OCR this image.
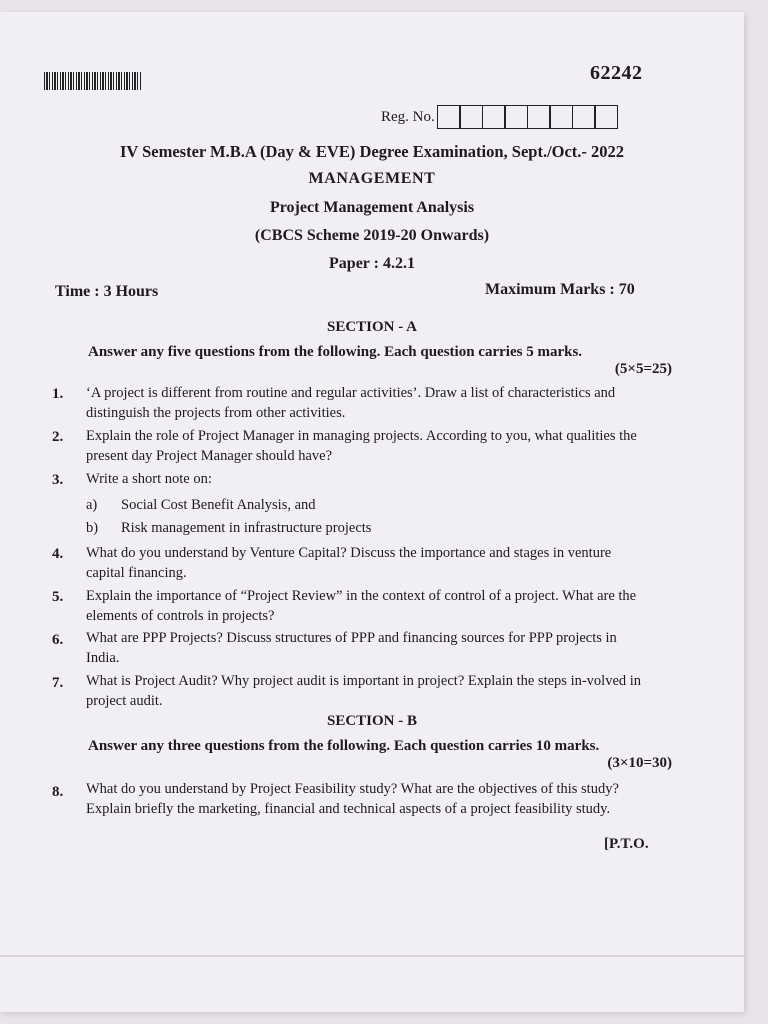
62242
Reg. No.
IV Semester M.B.A (Day & EVE) Degree Examination, Sept./Oct.- 2022
MANAGEMENT
Project Management Analysis
(CBCS Scheme 2019-20 Onwards)
Paper : 4.2.1
Time : 3 Hours	Maximum Marks : 70
SECTION - A
Answer any five questions from the following. Each question carries 5 marks.
(5×5=25)
1. ‘A project is different from routine and regular activities’. Draw a list of characteristics and distinguish the projects from other activities.
2. Explain the role of Project Manager in managing projects. According to you, what qualities the present day Project Manager should have?
3. Write a short note on:
a) Social Cost Benefit Analysis, and
b) Risk management in infrastructure projects
4. What do you understand by Venture Capital? Discuss the importance and stages in venture capital financing.
5. Explain the importance of “Project Review” in the context of control of a project. What are the elements of controls in projects?
6. What are PPP Projects? Discuss structures of PPP and financing sources for PPP projects in India.
7. What is Project Audit? Why project audit is important in project? Explain the steps in-volved in project audit.
SECTION - B
Answer any three questions from the following. Each question carries 10 marks.
(3×10=30)
8. What do you understand by Project Feasibility study? What are the objectives of this study? Explain briefly the marketing, financial and technical aspects of a project feasibility study.
[P.T.O.
